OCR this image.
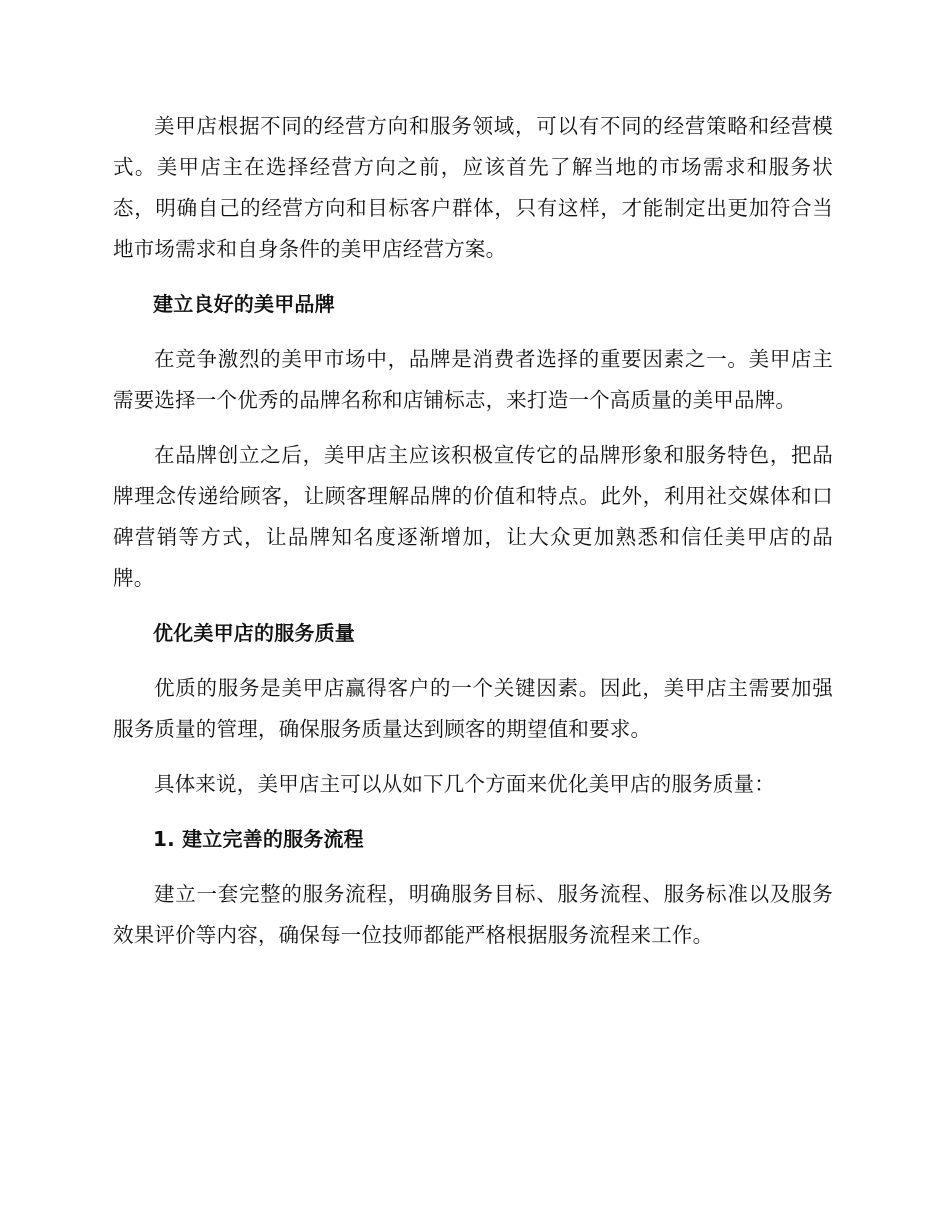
美甲店根据不同的经营方向和服务领域，可以有不同的经营策略和经营模式。美甲店主在选择经营方向之前，应该首先了解当地的市场需求和服务状态，明确自己的经营方向和目标客户群体，只有这样，才能制定出更加符合当地市场需求和自身条件的美甲店经营方案。

建立良好的美甲品牌

在竞争激烈的美甲市场中，品牌是消费者选择的重要因素之一。美甲店主需要选择一个优秀的品牌名称和店铺标志，来打造一个高质量的美甲品牌。

在品牌创立之后，美甲店主应该积极宣传它的品牌形象和服务特色，把品牌理念传递给顾客，让顾客理解品牌的价值和特点。此外，利用社交媒体和口碑营销等方式，让品牌知名度逐渐增加，让大众更加熟悉和信任美甲店的品牌。

优化美甲店的服务质量

优质的服务是美甲店赢得客户的一个关键因素。因此，美甲店主需要加强服务质量的管理，确保服务质量达到顾客的期望值和要求。

具体来说，美甲店主可以从如下几个方面来优化美甲店的服务质量：

1. 建立完善的服务流程

建立一套完整的服务流程，明确服务目标、服务流程、服务标准以及服务效果评价等内容，确保每一位技师都能严格根据服务流程来工作。
